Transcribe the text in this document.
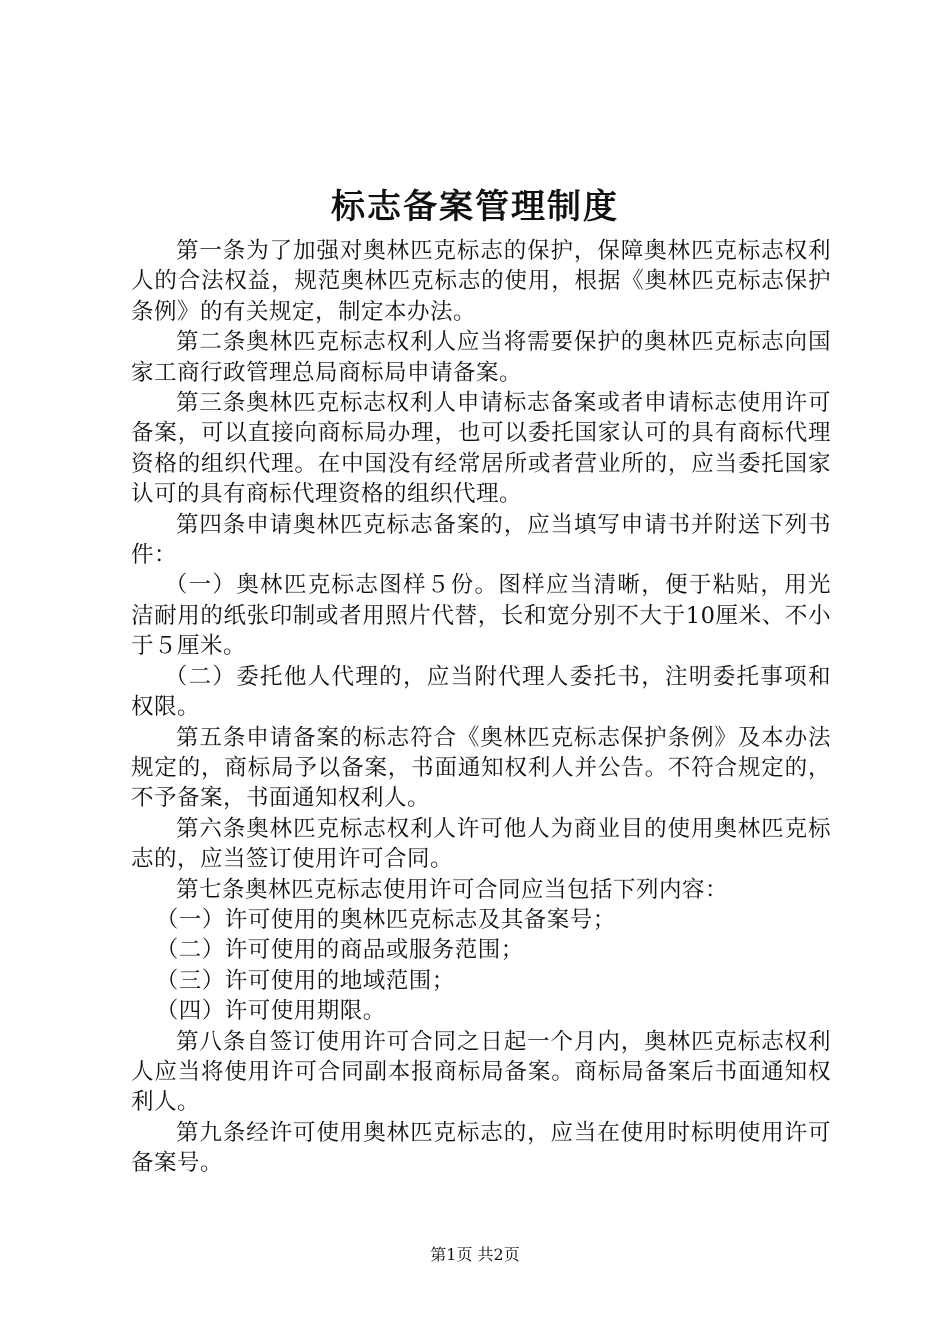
标志备案管理制度

第一条为了加强对奥林匹克标志的保护，保障奥林匹克标志权利人的合法权益，规范奥林匹克标志的使用，根据《奥林匹克标志保护条例》的有关规定，制定本办法。

第二条奥林匹克标志权利人应当将需要保护的奥林匹克标志向国家工商行政管理总局商标局申请备案。

第三条奥林匹克标志权利人申请标志备案或者申请标志使用许可备案，可以直接向商标局办理，也可以委托国家认可的具有商标代理资格的组织代理。在中国没有经常居所或者营业所的，应当委托国家认可的具有商标代理资格的组织代理。

第四条申请奥林匹克标志备案的，应当填写申请书并附送下列书件：

（一）奥林匹克标志图样５份。图样应当清晰，便于粘贴，用光洁耐用的纸张印制或者用照片代替，长和宽分别不大于10厘米、不小于５厘米。

（二）委托他人代理的，应当附代理人委托书，注明委托事项和权限。

第五条申请备案的标志符合《奥林匹克标志保护条例》及本办法规定的，商标局予以备案，书面通知权利人并公告。不符合规定的，不予备案，书面通知权利人。

第六条奥林匹克标志权利人许可他人为商业目的使用奥林匹克标志的，应当签订使用许可合同。

第七条奥林匹克标志使用许可合同应当包括下列内容：

（一）许可使用的奥林匹克标志及其备案号；

（二）许可使用的商品或服务范围；

（三）许可使用的地域范围；

（四）许可使用期限。

第八条自签订使用许可合同之日起一个月内，奥林匹克标志权利人应当将使用许可合同副本报商标局备案。商标局备案后书面通知权利人。

第九条经许可使用奥林匹克标志的，应当在使用时标明使用许可备案号。

第1页 共2页
